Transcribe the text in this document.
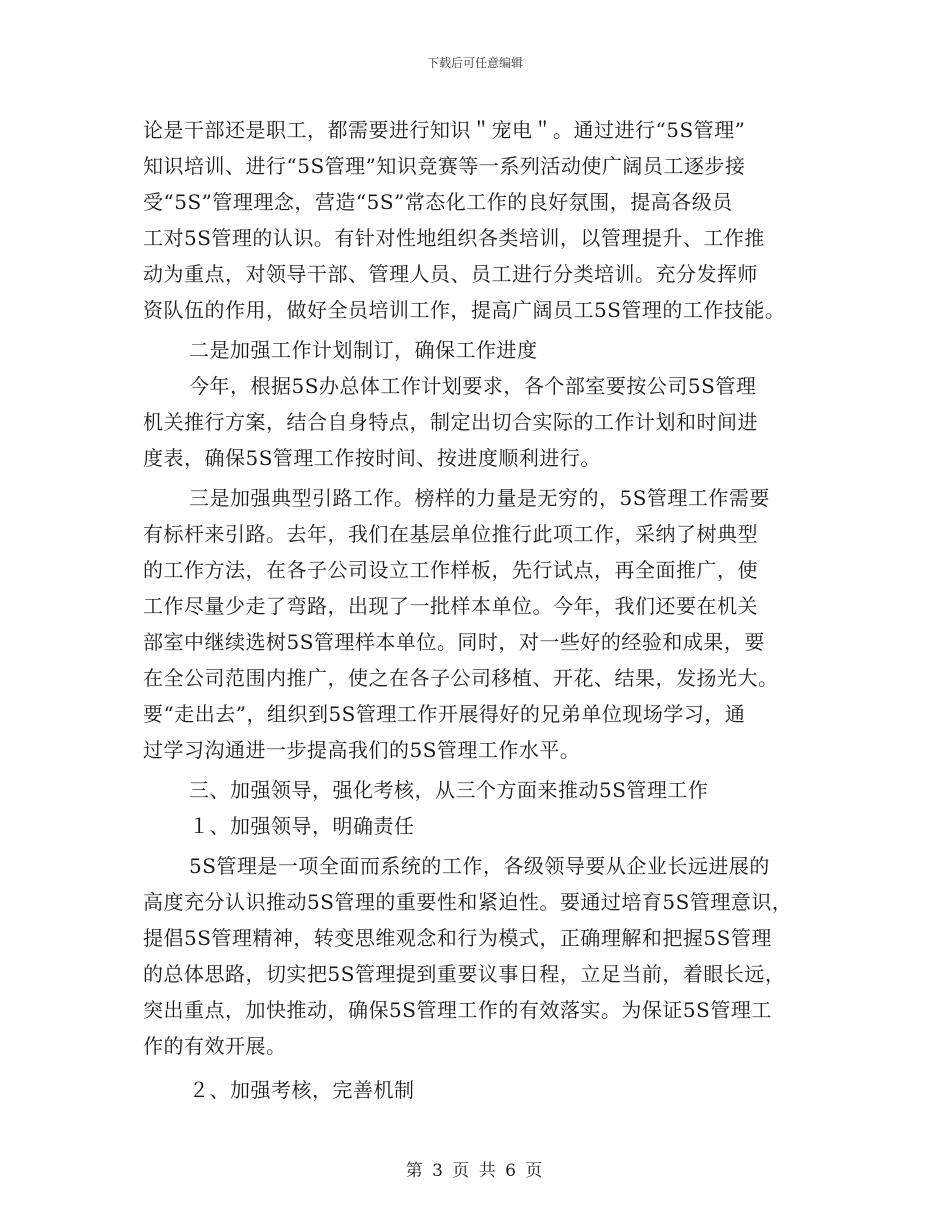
下载后可任意编辑
论是干部还是职工，都需要进行知识＂宠电＂。通过进行“5S管理”
知识培训、进行“5S管理”知识竞赛等一系列活动使广阔员工逐步接
受“5S”管理理念，营造“5S”常态化工作的良好氛围，提高各级员
工对5S管理的认识。有针对性地组织各类培训，以管理提升、工作推
动为重点，对领导干部、管理人员、员工进行分类培训。充分发挥师
资队伍的作用，做好全员培训工作，提高广阔员工5S管理的工作技能。
二是加强工作计划制订，确保工作进度
今年，根据5S办总体工作计划要求，各个部室要按公司5S管理
机关推行方案，结合自身特点，制定出切合实际的工作计划和时间进
度表，确保5S管理工作按时间、按进度顺利进行。
三是加强典型引路工作。榜样的力量是无穷的，5S管理工作需要
有标杆来引路。去年，我们在基层单位推行此项工作，采纳了树典型
的工作方法，在各子公司设立工作样板，先行试点，再全面推广，使
工作尽量少走了弯路，出现了一批样本单位。今年，我们还要在机关
部室中继续选树5S管理样本单位。同时，对一些好的经验和成果，要
在全公司范围内推广，使之在各子公司移植、开花、结果，发扬光大。
要“走出去”，组织到5S管理工作开展得好的兄弟单位现场学习，通
过学习沟通进一步提高我们的5S管理工作水平。
三、加强领导，强化考核，从三个方面来推动5S管理工作
１、加强领导，明确责任
5S管理是一项全面而系统的工作，各级领导要从企业长远进展的
高度充分认识推动5S管理的重要性和紧迫性。要通过培育5S管理意识，
提倡5S管理精神，转变思维观念和行为模式，正确理解和把握5S管理
的总体思路，切实把5S管理提到重要议事日程，立足当前，着眼长远，
突出重点，加快推动，确保5S管理工作的有效落实。为保证5S管理工
作的有效开展。
２、加强考核，完善机制
第 3 页 共 6 页
